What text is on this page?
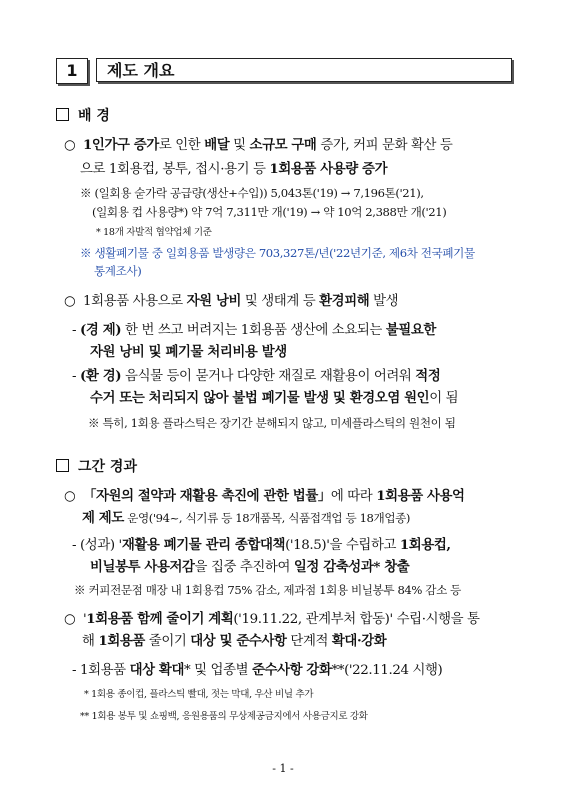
1	제도 개요
배 경
○ 1인가구 증가로 인한 배달 및 소규모 구매 증가, 커피 문화 확산 등
으로 1회용컵, 봉투, 접시·용기 등 1회용품 사용량 증가
※ (일회용 숟가락 공급량(생산+수입)) 5,043톤('19) → 7,196톤('21),
(일회용 컵 사용량*) 약 7억 7,311만 개('19) → 약 10억 2,388만 개('21)
* 18개 자발적 협약업체 기준
※ 생활폐기물 중 일회용품 발생량은 703,327톤/년('22년기준, 제6차 전국폐기물
통계조사)
○ 1회용품 사용으로 자원 낭비 및 생태계 등 환경피해 발생
- (경 제) 한 번 쓰고 버려지는 1회용품 생산에 소요되는 불필요한
자원 낭비 및 폐기물 처리비용 발생
- (환 경) 음식물 등이 묻거나 다양한 재질로 재활용이 어려워 적정
수거 또는 처리되지 않아 불법 폐기물 발생 및 환경오염 원인이 됨
※ 특히, 1회용 플라스틱은 장기간 분해되지 않고, 미세플라스틱의 원천이 됨
그간 경과
○ 「자원의 절약과 재활용 촉진에 관한 법률」에 따라 1회용품 사용억
제 제도 운영('94~, 식기류 등 18개품목, 식품접객업 등 18개업종)
- (성과) '재활용 폐기물 관리 종합대책('18.5)'을 수립하고 1회용컵,
비닐봉투 사용저감을 집중 추진하여 일정 감축성과* 창출
※ 커피전문점 매장 내 1회용컵 75% 감소, 제과점 1회용 비닐봉투 84% 감소 등
○ '1회용품 함께 줄이기 계획('19.11.22, 관계부처 합동)' 수립·시행을 통
해 1회용품 줄이기 대상 및 준수사항 단계적 확대·강화
- 1회용품 대상 확대* 및 업종별 준수사항 강화**('22.11.24 시행)
* 1회용 종이컵, 플라스틱 빨대, 젓는 막대, 우산 비닐 추가
** 1회용 봉투 및 쇼핑백, 응원용품의 무상제공금지에서 사용금지로 강화
- 1 -
